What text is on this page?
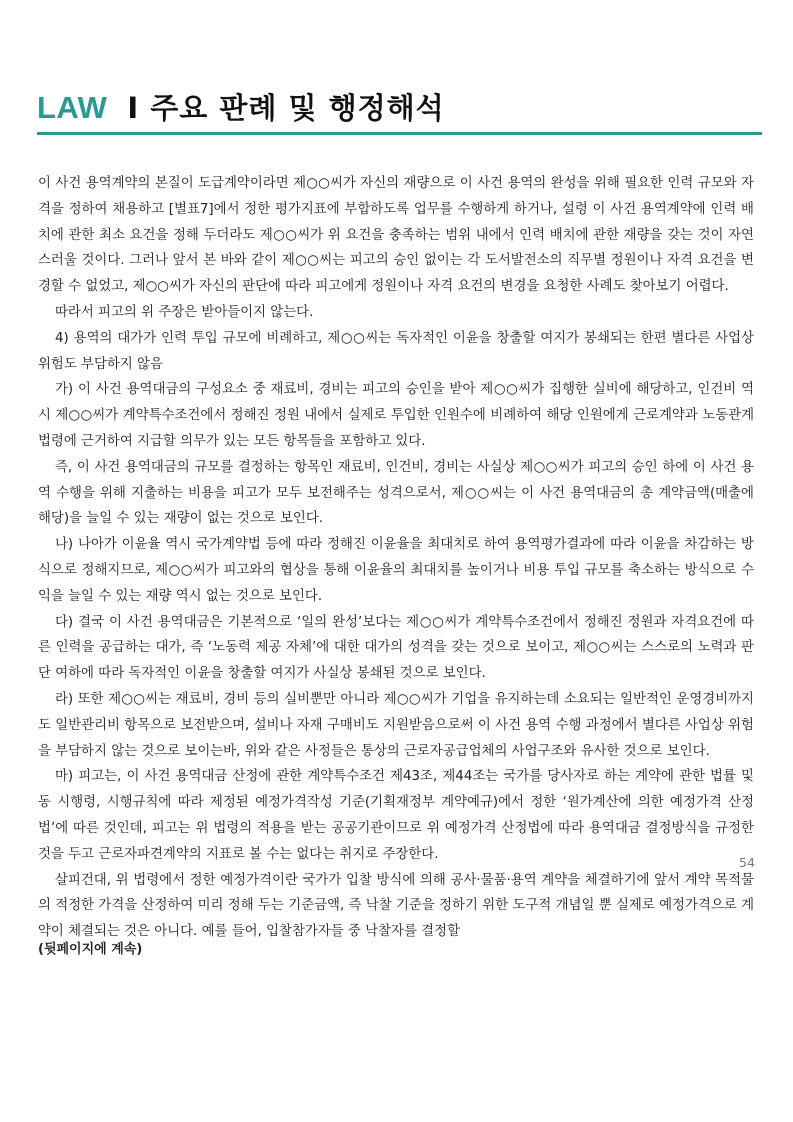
LAW I 주요 판례 및 행정해석

이 사건 용역계약의 본질이 도급계약이라면 제○○씨가 자신의 재량으로 이 사건 용역의 완성을 위해 필요한 인력 규모와 자격을 정하여 채용하고 [별표7]에서 정한 평가지표에 부합하도록 업무를 수행하게 하거나, 설령 이 사건 용역계약에 인력 배치에 관한 최소 요건을 정해 두더라도 제○○씨가 위 요건을 충족하는 범위 내에서 인력 배치에 관한 재량을 갖는 것이 자연스러울 것이다. 그러나 앞서 본 바와 같이 제○○씨는 피고의 승인 없이는 각 도서발전소의 직무별 정원이나 자격 요건을 변경할 수 없었고, 제○○씨가 자신의 판단에 따라 피고에게 정원이나 자격 요건의 변경을 요청한 사례도 찾아보기 어렵다.

따라서 피고의 위 주장은 받아들이지 않는다.

4) 용역의 대가가 인력 투입 규모에 비례하고, 제○○씨는 독자적인 이윤을 창출할 여지가 봉쇄되는 한편 별다른 사업상 위험도 부담하지 않음

가) 이 사건 용역대금의 구성요소 중 재료비, 경비는 피고의 승인을 받아 제○○씨가 집행한 실비에 해당하고, 인건비 역시 제○○씨가 계약특수조건에서 정해진 정원 내에서 실제로 투입한 인원수에 비례하여 해당 인원에게 근로계약과 노동관계법령에 근거하여 지급할 의무가 있는 모든 항목들을 포함하고 있다.

즉, 이 사건 용역대금의 규모를 결정하는 항목인 재료비, 인건비, 경비는 사실상 제○○씨가 피고의 승인 하에 이 사건 용역 수행을 위해 지출하는 비용을 피고가 모두 보전해주는 성격으로서, 제○○씨는 이 사건 용역대금의 총 계약금액(매출에 해당)을 늘일 수 있는 재량이 없는 것으로 보인다.

나) 나아가 이윤율 역시 국가계약법 등에 따라 정해진 이윤율을 최대치로 하여 용역평가결과에 따라 이윤을 차감하는 방식으로 정해지므로, 제○○씨가 피고와의 협상을 통해 이윤율의 최대치를 높이거나 비용 투입 규모를 축소하는 방식으로 수익을 늘일 수 있는 재량 역시 없는 것으로 보인다.

다) 결국 이 사건 용역대금은 기본적으로 ‘일의 완성’보다는 제○○씨가 계약특수조건에서 정해진 정원과 자격요건에 따른 인력을 공급하는 대가, 즉 ‘노동력 제공 자체’에 대한 대가의 성격을 갖는 것으로 보이고, 제○○씨는 스스로의 노력과 판단 여하에 따라 독자적인 이윤을 창출할 여지가 사실상 봉쇄된 것으로 보인다.

라) 또한 제○○씨는 재료비, 경비 등의 실비뿐만 아니라 제○○씨가 기업을 유지하는데 소요되는 일반적인 운영경비까지도 일반관리비 항목으로 보전받으며, 설비나 자재 구매비도 지원받음으로써 이 사건 용역 수행 과정에서 별다른 사업상 위험을 부담하지 않는 것으로 보이는바, 위와 같은 사정들은 통상의 근로자공급업체의 사업구조와 유사한 것으로 보인다.

마) 피고는, 이 사건 용역대금 산정에 관한 계약특수조건 제43조, 제44조는 국가를 당사자로 하는 계약에 관한 법률 및 동 시행령, 시행규칙에 따라 제정된 예정가격작성 기준(기획재정부 계약예규)에서 정한 ‘원가계산에 의한 예정가격 산정법’에 따른 것인데, 피고는 위 법령의 적용을 받는 공공기관이므로 위 예정가격 산정법에 따라 용역대금 결정방식을 규정한 것을 두고 근로자파견계약의 지표로 볼 수는 없다는 취지로 주장한다.

살피건대, 위 법령에서 정한 예정가격이란 국가가 입찰 방식에 의해 공사·물품·용역 계약을 체결하기에 앞서 계약 목적물의 적정한 가격을 산정하여 미리 정해 두는 기준금액, 즉 낙찰 기준을 정하기 위한 도구적 개념일 뿐 실제로 예정가격으로 계약이 체결되는 것은 아니다. 예를 들어, 입찰참가자들 중 낙찰자를 결정할

(뒷페이지에 계속)
54
